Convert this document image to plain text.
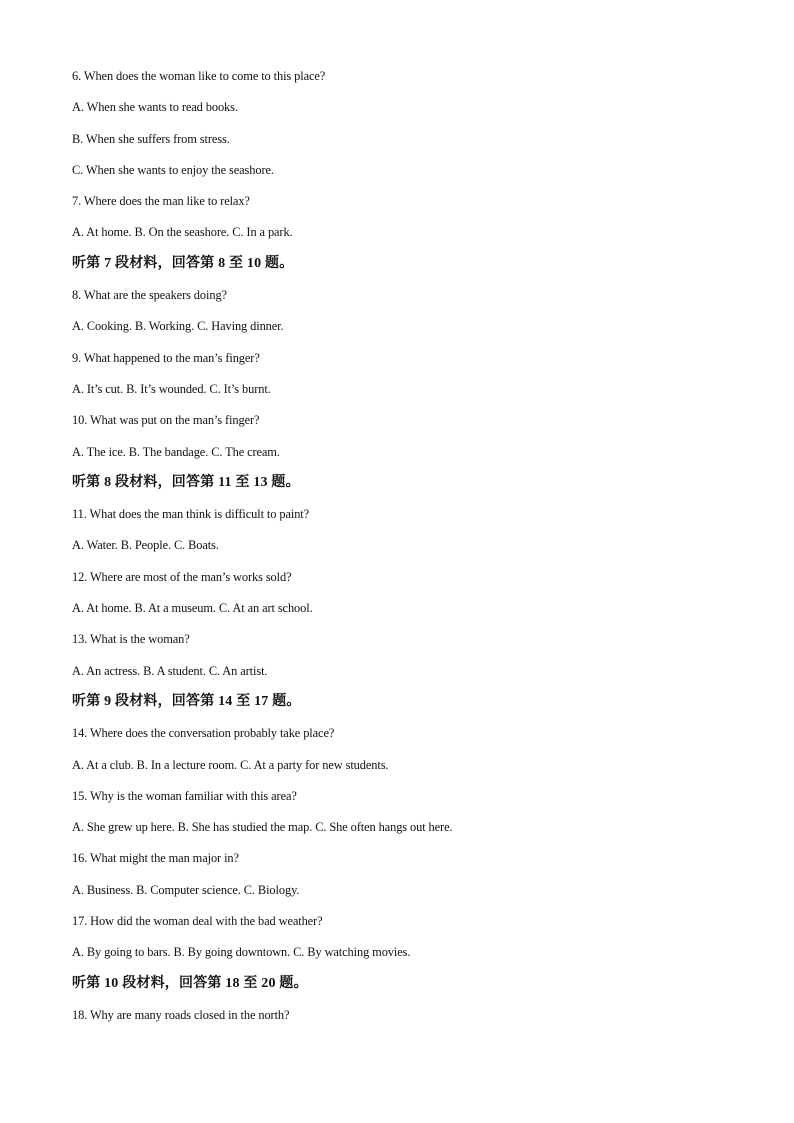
6. When does the woman like to come to this place?
A. When she wants to read books.
B. When she suffers from stress.
C. When she wants to enjoy the seashore.
7. Where does the man like to relax?
A. At home. B. On the seashore. C. In a park.
听第 7 段材料，回答第 8 至 10 题。
8. What are the speakers doing?
A. Cooking. B. Working. C. Having dinner.
9. What happened to the man’s finger?
A. It’s cut. B. It’s wounded. C. It’s burnt.
10. What was put on the man’s finger?
A. The ice. B. The bandage. C. The cream.
听第 8 段材料，回答第 11 至 13 题。
11. What does the man think is difficult to paint?
A. Water. B. People. C. Boats.
12. Where are most of the man’s works sold?
A. At home. B. At a museum. C. At an art school.
13. What is the woman?
A. An actress. B. A student. C. An artist.
听第 9 段材料，回答第 14 至 17 题。
14. Where does the conversation probably take place?
A. At a club. B. In a lecture room. C. At a party for new students.
15. Why is the woman familiar with this area?
A. She grew up here. B. She has studied the map. C. She often hangs out here.
16. What might the man major in?
A. Business. B. Computer science. C. Biology.
17. How did the woman deal with the bad weather?
A. By going to bars. B. By going downtown. C. By watching movies.
听第 10 段材料，回答第 18 至 20 题。
18. Why are many roads closed in the north?
